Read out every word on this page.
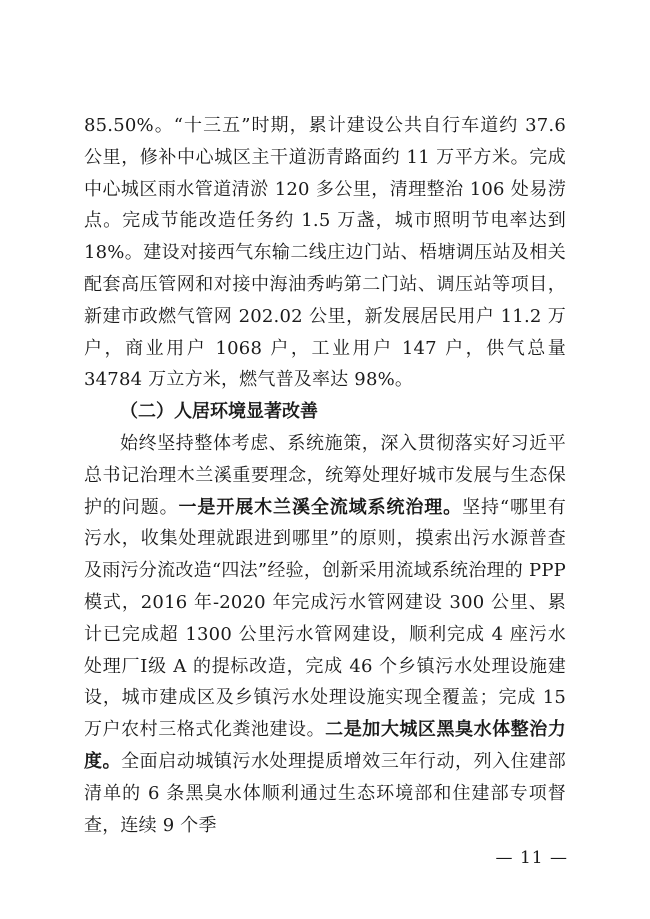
85.50%。“十三五”时期，累计建设公共自行车道约 37.6 公里，修补中心城区主干道沥青路面约 11 万平方米。完成中心城区雨水管道清淤 120 多公里，清理整治 106 处易涝点。完成节能改造任务约 1.5 万盏，城市照明节电率达到 18%。建设对接西气东输二线庄边门站、梧塘调压站及相关配套高压管网和对接中海油秀屿第二门站、调压站等项目，新建市政燃气管网 202.02 公里，新发展居民用户 11.2 万户，商业用户 1068 户，工业用户 147 户，供气总量 34784 万立方米，燃气普及率达 98%。

（二）人居环境显著改善

始终坚持整体考虑、系统施策，深入贯彻落实好习近平总书记治理木兰溪重要理念，统筹处理好城市发展与生态保护的问题。一是开展木兰溪全流域系统治理。坚持“哪里有污水，收集处理就跟进到哪里”的原则，摸索出污水源普查及雨污分流改造“四法”经验，创新采用流域系统治理的 PPP 模式，2016 年-2020 年完成污水管网建设 300 公里、累计已完成超 1300 公里污水管网建设，顺利完成 4 座污水处理厂Ⅰ级 A 的提标改造，完成 46 个乡镇污水处理设施建设，城市建成区及乡镇污水处理设施实现全覆盖；完成 15 万户农村三格式化粪池建设。二是加大城区黑臭水体整治力度。全面启动城镇污水处理提质增效三年行动，列入住建部清单的 6 条黑臭水体顺利通过生态环境部和住建部专项督查，连续 9 个季

— 11 —
